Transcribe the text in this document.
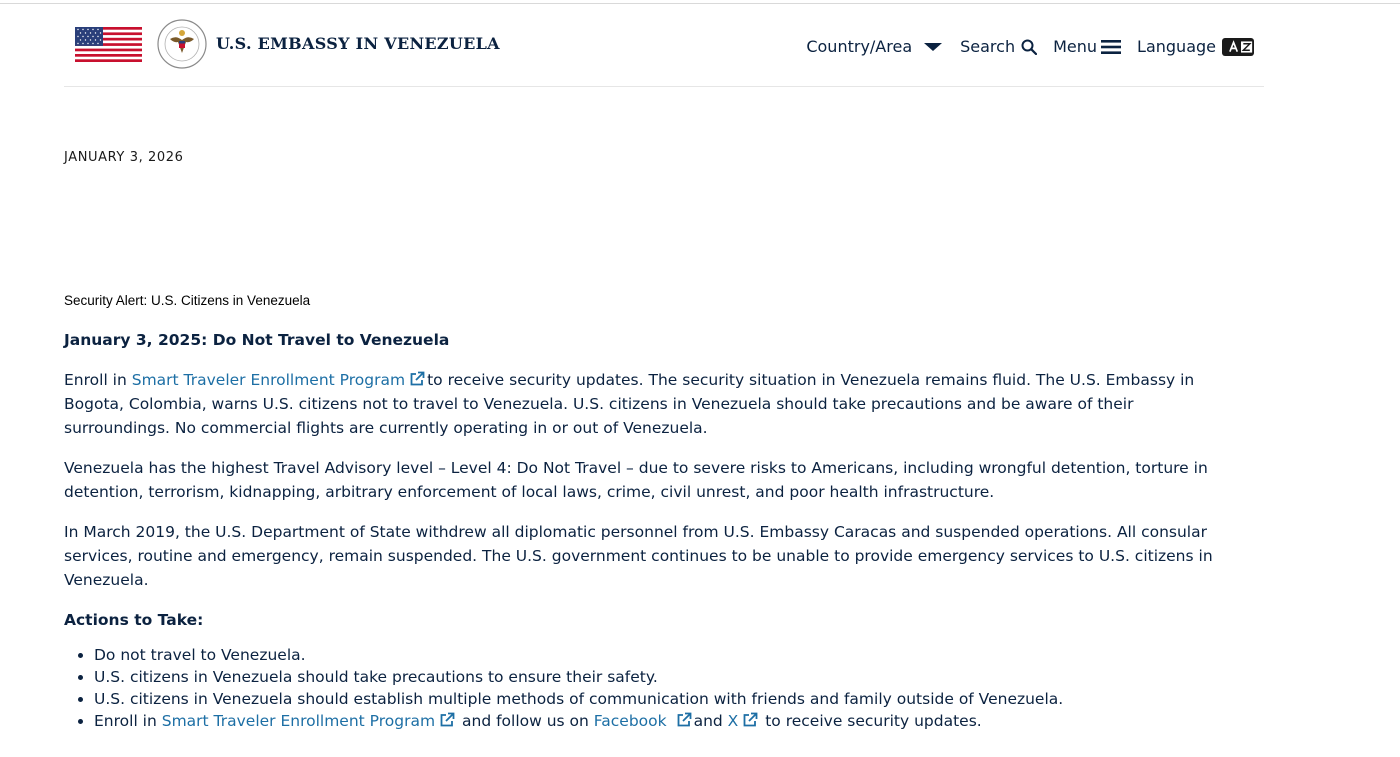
U.S. EMBASSY IN VENEZUELA	Country/Area	Search Menu	Language
JANUARY 3, 2026
Security Alert: U.S. Citizens in Venezuela
January 3, 2025: Do Not Travel to Venezuela

Enroll in Smart Traveler Enrollment Program to receive security updates. The security situation in Venezuela remains fluid. The U.S. Embassy in Bogota, Colombia, warns U.S. citizens not to travel to Venezuela. U.S. citizens in Venezuela should take precautions and be aware of their surroundings. No commercial flights are currently operating in or out of Venezuela.

Venezuela has the highest Travel Advisory level – Level 4: Do Not Travel – due to severe risks to Americans, including wrongful detention, torture in detention, terrorism, kidnapping, arbitrary enforcement of local laws, crime, civil unrest, and poor health infrastructure.

In March 2019, the U.S. Department of State withdrew all diplomatic personnel from U.S. Embassy Caracas and suspended operations. All consular services, routine and emergency, remain suspended. The U.S. government continues to be unable to provide emergency services to U.S. citizens in Venezuela.

Actions to Take:
• Do not travel to Venezuela.
• U.S. citizens in Venezuela should take precautions to ensure their safety.
• U.S. citizens in Venezuela should establish multiple methods of communication with friends and family outside of Venezuela.
• Enroll in Smart Traveler Enrollment Program and follow us on Facebook and X to receive security updates.
